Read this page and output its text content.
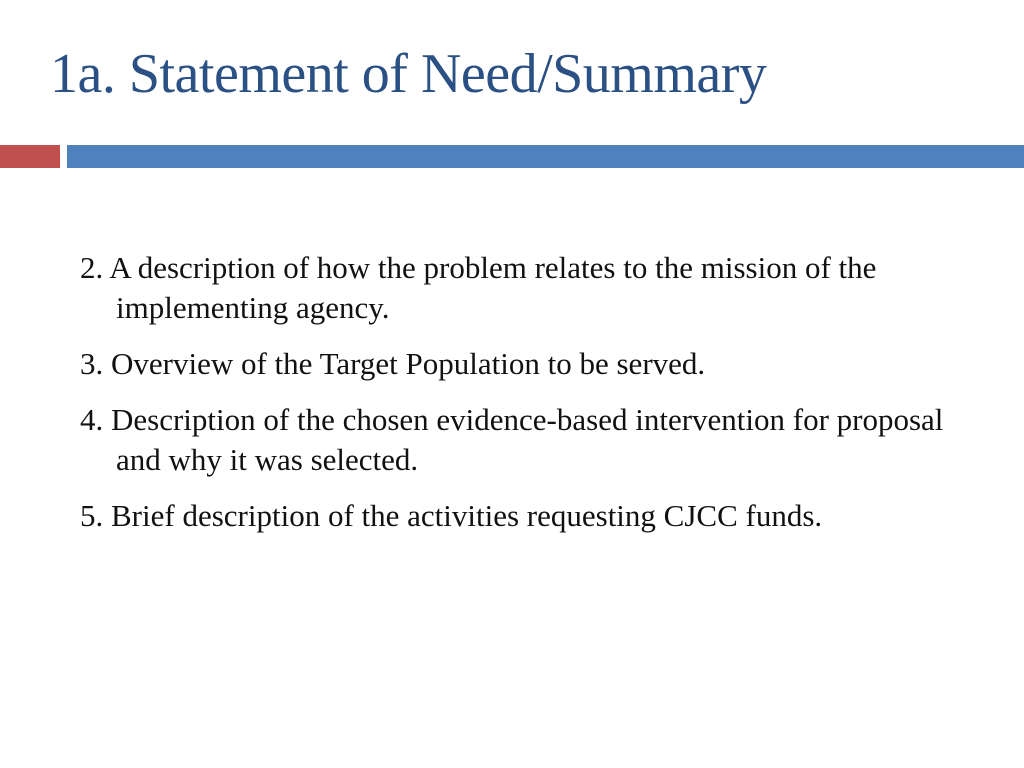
1a. Statement of Need/Summary
2. A description of how the problem relates to the mission of the implementing agency.
3. Overview of the Target Population to be served.
4. Description of the chosen evidence-based intervention for proposal and why it was selected.
5. Brief description of the activities requesting CJCC funds.
